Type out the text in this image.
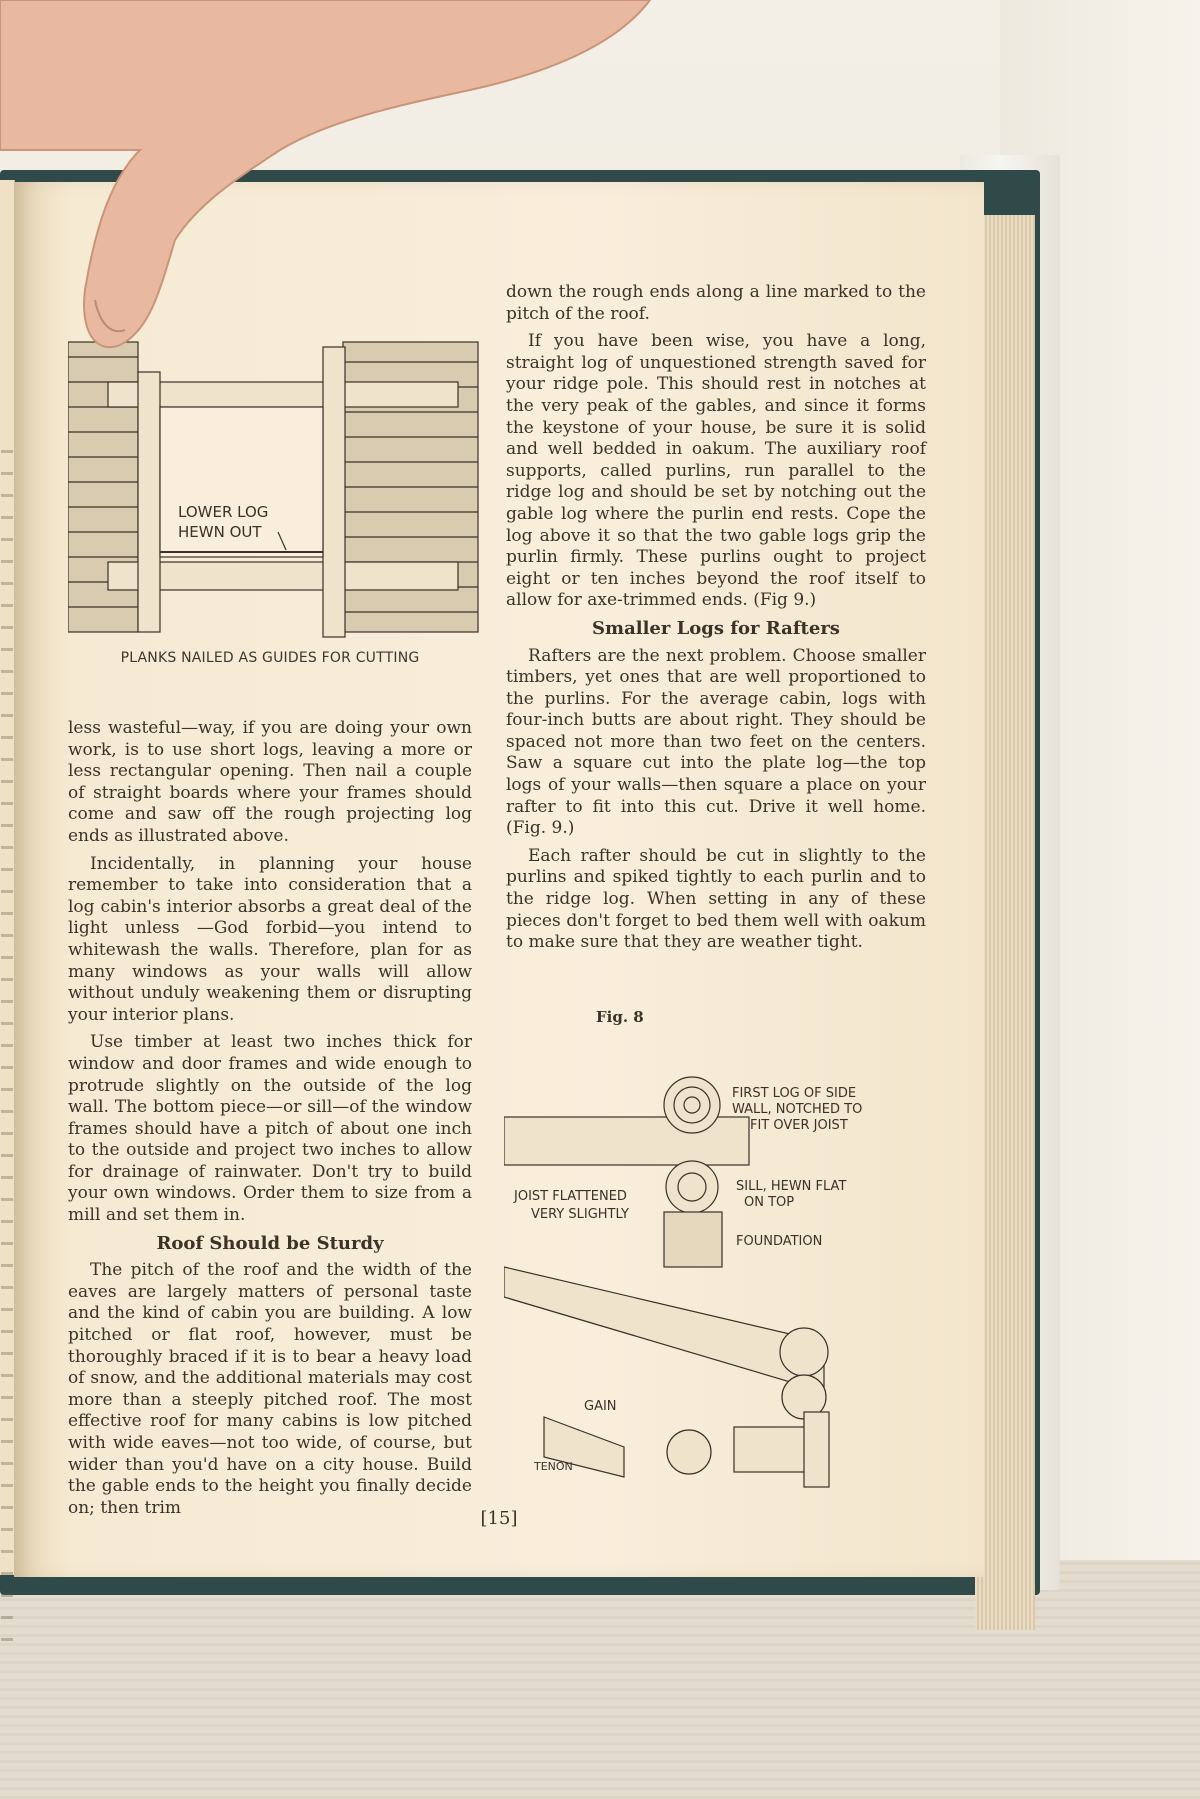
LOWER LOG
HEWN OUT
PLANKS NAILED AS GUIDES FOR CUTTING

less wasteful—way, if you are doing your own work, is to use short logs, leaving a more or less rectangular opening. Then nail a couple of straight boards where your frames should come and saw off the rough projecting log ends as illustrated above.

Incidentally, in planning your house remember to take into consideration that a log cabin's interior absorbs a great deal of the light unless —God forbid—you intend to whitewash the walls. Therefore, plan for as many windows as your walls will allow without unduly weakening them or disrupting your interior plans.

Use timber at least two inches thick for window and door frames and wide enough to protrude slightly on the outside of the log wall. The bottom piece—or sill—of the window frames should have a pitch of about one inch to the outside and project two inches to allow for drainage of rainwater. Don't try to build your own windows. Order them to size from a mill and set them in.

Roof Should be Sturdy

The pitch of the roof and the width of the eaves are largely matters of personal taste and the kind of cabin you are building. A low pitched or flat roof, however, must be thoroughly braced if it is to bear a heavy load of snow, and the additional materials may cost more than a steeply pitched roof. The most effective roof for many cabins is low pitched with wide eaves—not too wide, of course, but wider than you'd have on a city house. Build the gable ends to the height you finally decide on; then trim

down the rough ends along a line marked to the pitch of the roof.

If you have been wise, you have a long, straight log of unquestioned strength saved for your ridge pole. This should rest in notches at the very peak of the gables, and since it forms the keystone of your house, be sure it is solid and well bedded in oakum. The auxiliary roof supports, called purlins, run parallel to the ridge log and should be set by notching out the gable log where the purlin end rests. Cope the log above it so that the two gable logs grip the purlin firmly. These purlins ought to project eight or ten inches beyond the roof itself to allow for axe-trimmed ends. (Fig 9.)

Smaller Logs for Rafters

Rafters are the next problem. Choose smaller timbers, yet ones that are well proportioned to the purlins. For the average cabin, logs with four-inch butts are about right. They should be spaced not more than two feet on the centers. Saw a square cut into the plate log—the top logs of your walls—then square a place on your rafter to fit into this cut. Drive it well home. (Fig. 9.)

Each rafter should be cut in slightly to the purlins and spiked tightly to each purlin and to the ridge log. When setting in any of these pieces don't forget to bed them well with oakum to make sure that they are weather tight.

Fig. 8
FIRST LOG OF SIDE
WALL, NOTCHED TO
FIT OVER JOIST
JOIST FLATTENED
VERY SLIGHTLY
SILL, HEWN FLAT
ON TOP
FOUNDATION
GAIN
TENON
[15]
